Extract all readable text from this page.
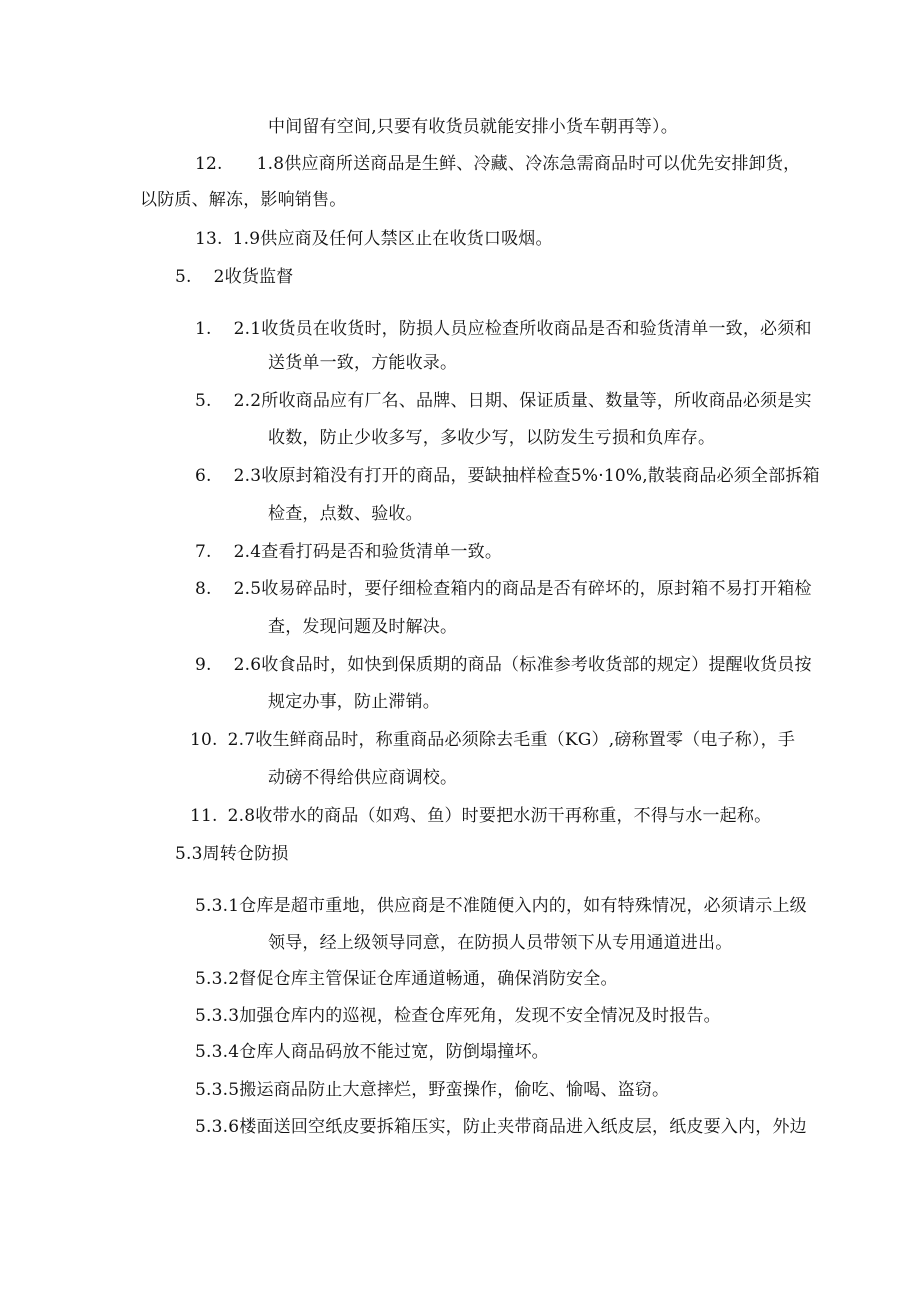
中间留有空间,只要有收货员就能安排小货车朝再等）。
12. 1.8供应商所送商品是生鲜、冷藏、冷冻急需商品时可以优先安排卸货，
以防质、解冻，影响销售。
13. 1.9供应商及任何人禁区止在收货口吸烟。
5. 2收货监督
1. 2.1收货员在收货时，防损人员应检查所收商品是否和验货清单一致，必须和
送货单一致，方能收录。
5. 2.2所收商品应有厂名、品牌、日期、保证质量、数量等，所收商品必须是实
收数，防止少收多写，多收少写，以防发生亏损和负库存。
6. 2.3收原封箱没有打开的商品，要缺抽样检查5%·10%,散装商品必须全部拆箱
检查，点数、验收。
7. 2.4查看打码是否和验货清单一致。
8. 2.5收易碎品时，要仔细检查箱内的商品是否有碎坏的，原封箱不易打开箱检
查，发现问题及时解决。
9. 2.6收食品时，如快到保质期的商品（标准参考收货部的规定）提醒收货员按
规定办事，防止滞销。
10. 2.7收生鲜商品时，称重商品必须除去毛重（KG）,磅称置零（电子称），手
动磅不得给供应商调校。
11. 2.8收带水的商品（如鸡、鱼）时要把水沥干再称重，不得与水一起称。
5.3周转仓防损
5.3.1仓库是超市重地，供应商是不准随便入内的，如有特殊情况，必须请示上级
领导，经上级领导同意，在防损人员带领下从专用通道进出。
5.3.2督促仓库主管保证仓库通道畅通，确保消防安全。
5.3.3加强仓库内的巡视，检查仓库死角，发现不安全情况及时报告。
5.3.4仓库人商品码放不能过宽，防倒塌撞坏。
5.3.5搬运商品防止大意摔烂，野蛮操作，偷吃、愉喝、盗窃。
5.3.6楼面送回空纸皮要拆箱压实，防止夹带商品进入纸皮层，纸皮要入内，外边
